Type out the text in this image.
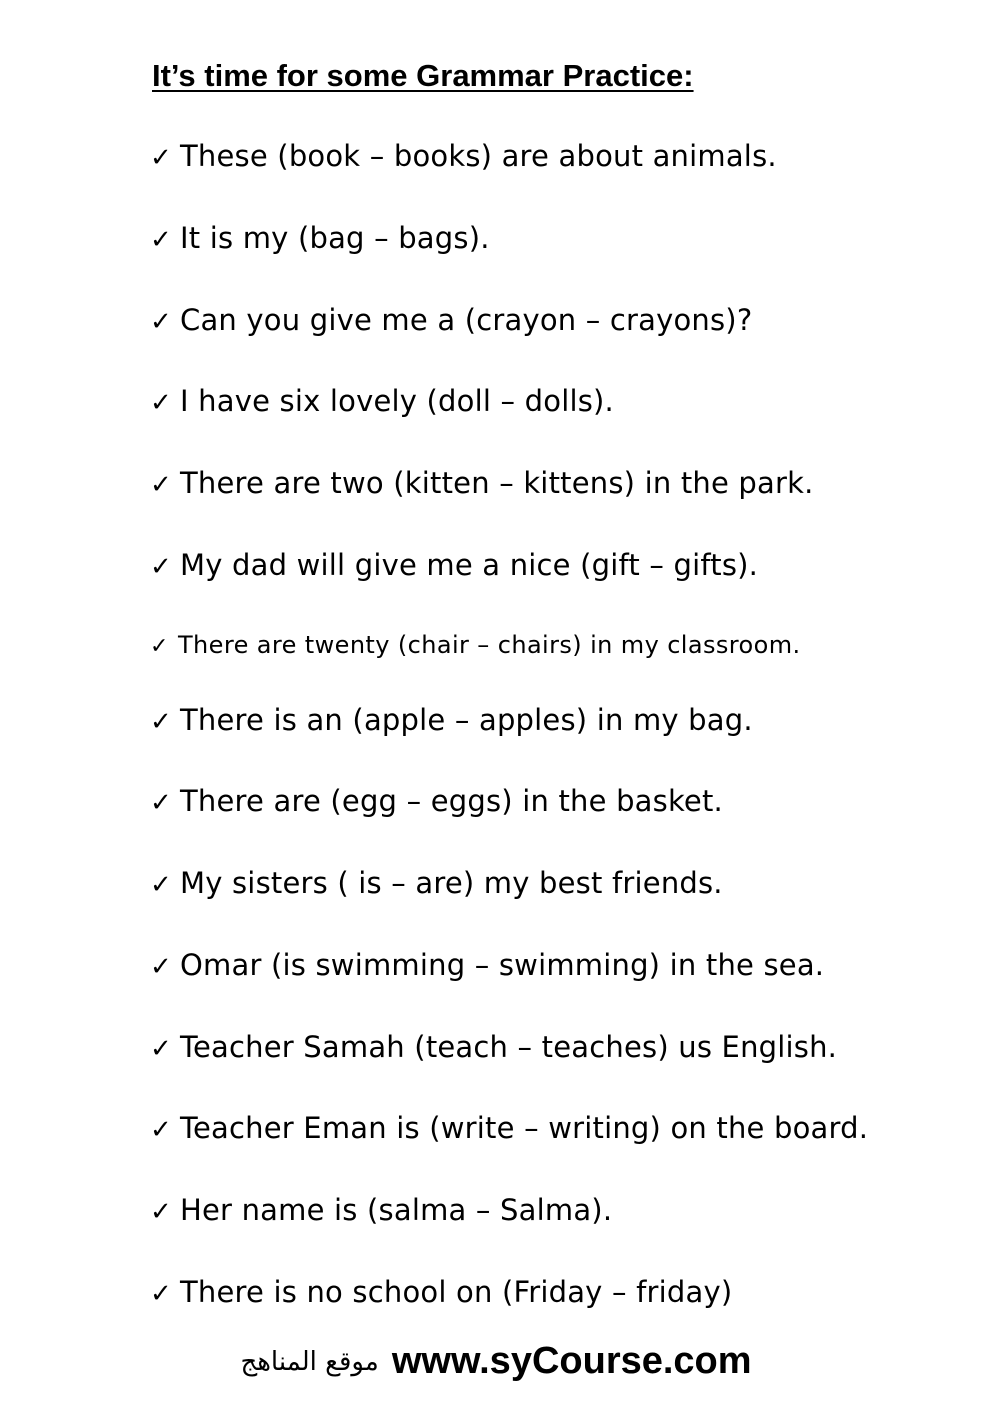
It’s time for some Grammar Practice:
✓ These (book – books) are about animals.
✓ It is my (bag – bags).
✓ Can you give me a (crayon – crayons)?
✓ I have six lovely (doll – dolls).
✓ There are two (kitten – kittens) in the park.
✓ My dad will give me a nice (gift – gifts).
✓ There are twenty (chair – chairs) in my classroom.
✓ There is an (apple – apples) in my bag.
✓ There are (egg – eggs) in the basket.
✓ My sisters ( is – are) my best friends.
✓ Omar (is swimming – swimming) in the sea.
✓ Teacher Samah (teach – teaches) us English.
✓ Teacher Eman is (write – writing) on the board.
✓ Her name is (salma – Salma).
✓ There is no school on (Friday – friday)
موقع المناهج www.syCourse.com
